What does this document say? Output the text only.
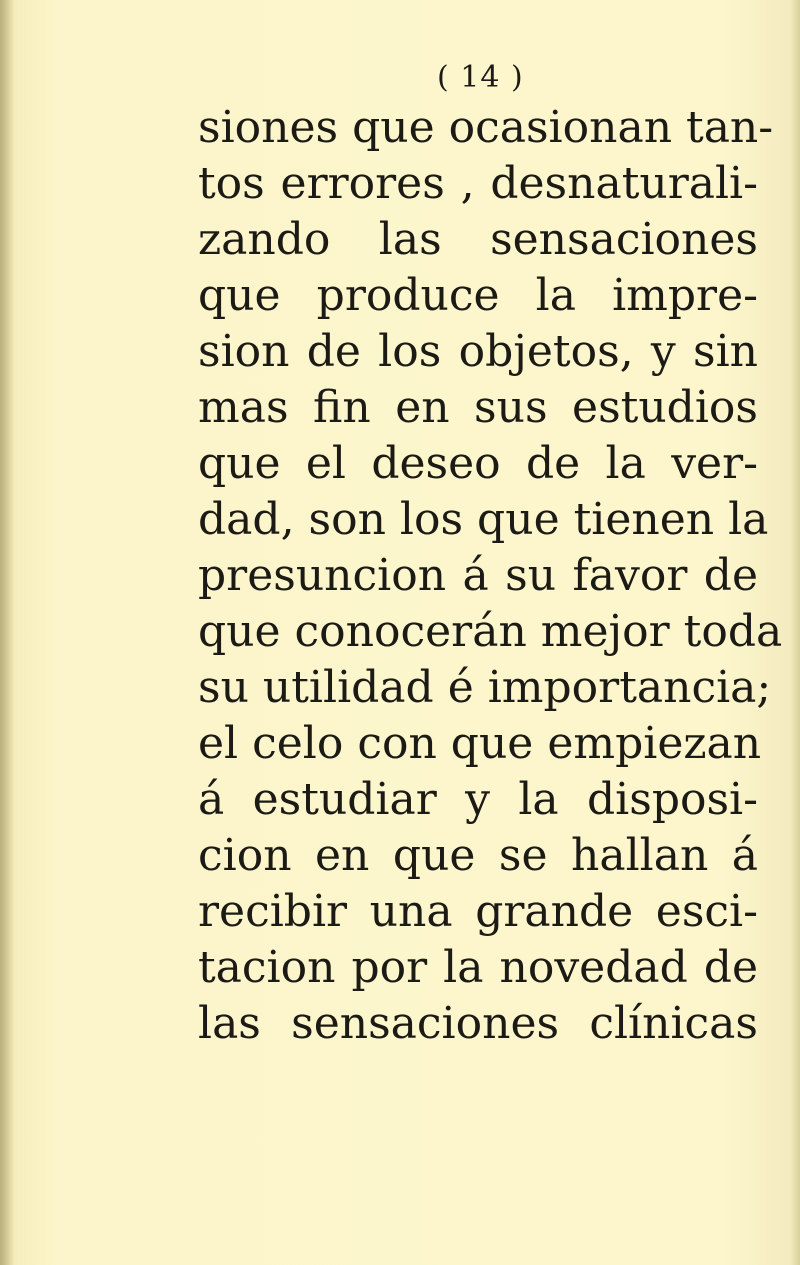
( 14 )
siones que ocasionan tan-
tos errores , desnaturali-
zando las sensaciones
que produce la impre-
sion de los objetos, y sin
mas fin en sus estudios
que el deseo de la ver-
dad, son los que tienen la
presuncion á su favor de
que conocerán mejor toda
su utilidad é importancia;
el celo con que empiezan
á estudiar y la disposi-
cion en que se hallan á
recibir una grande esci-
tacion por la novedad de
las sensaciones clínicas
